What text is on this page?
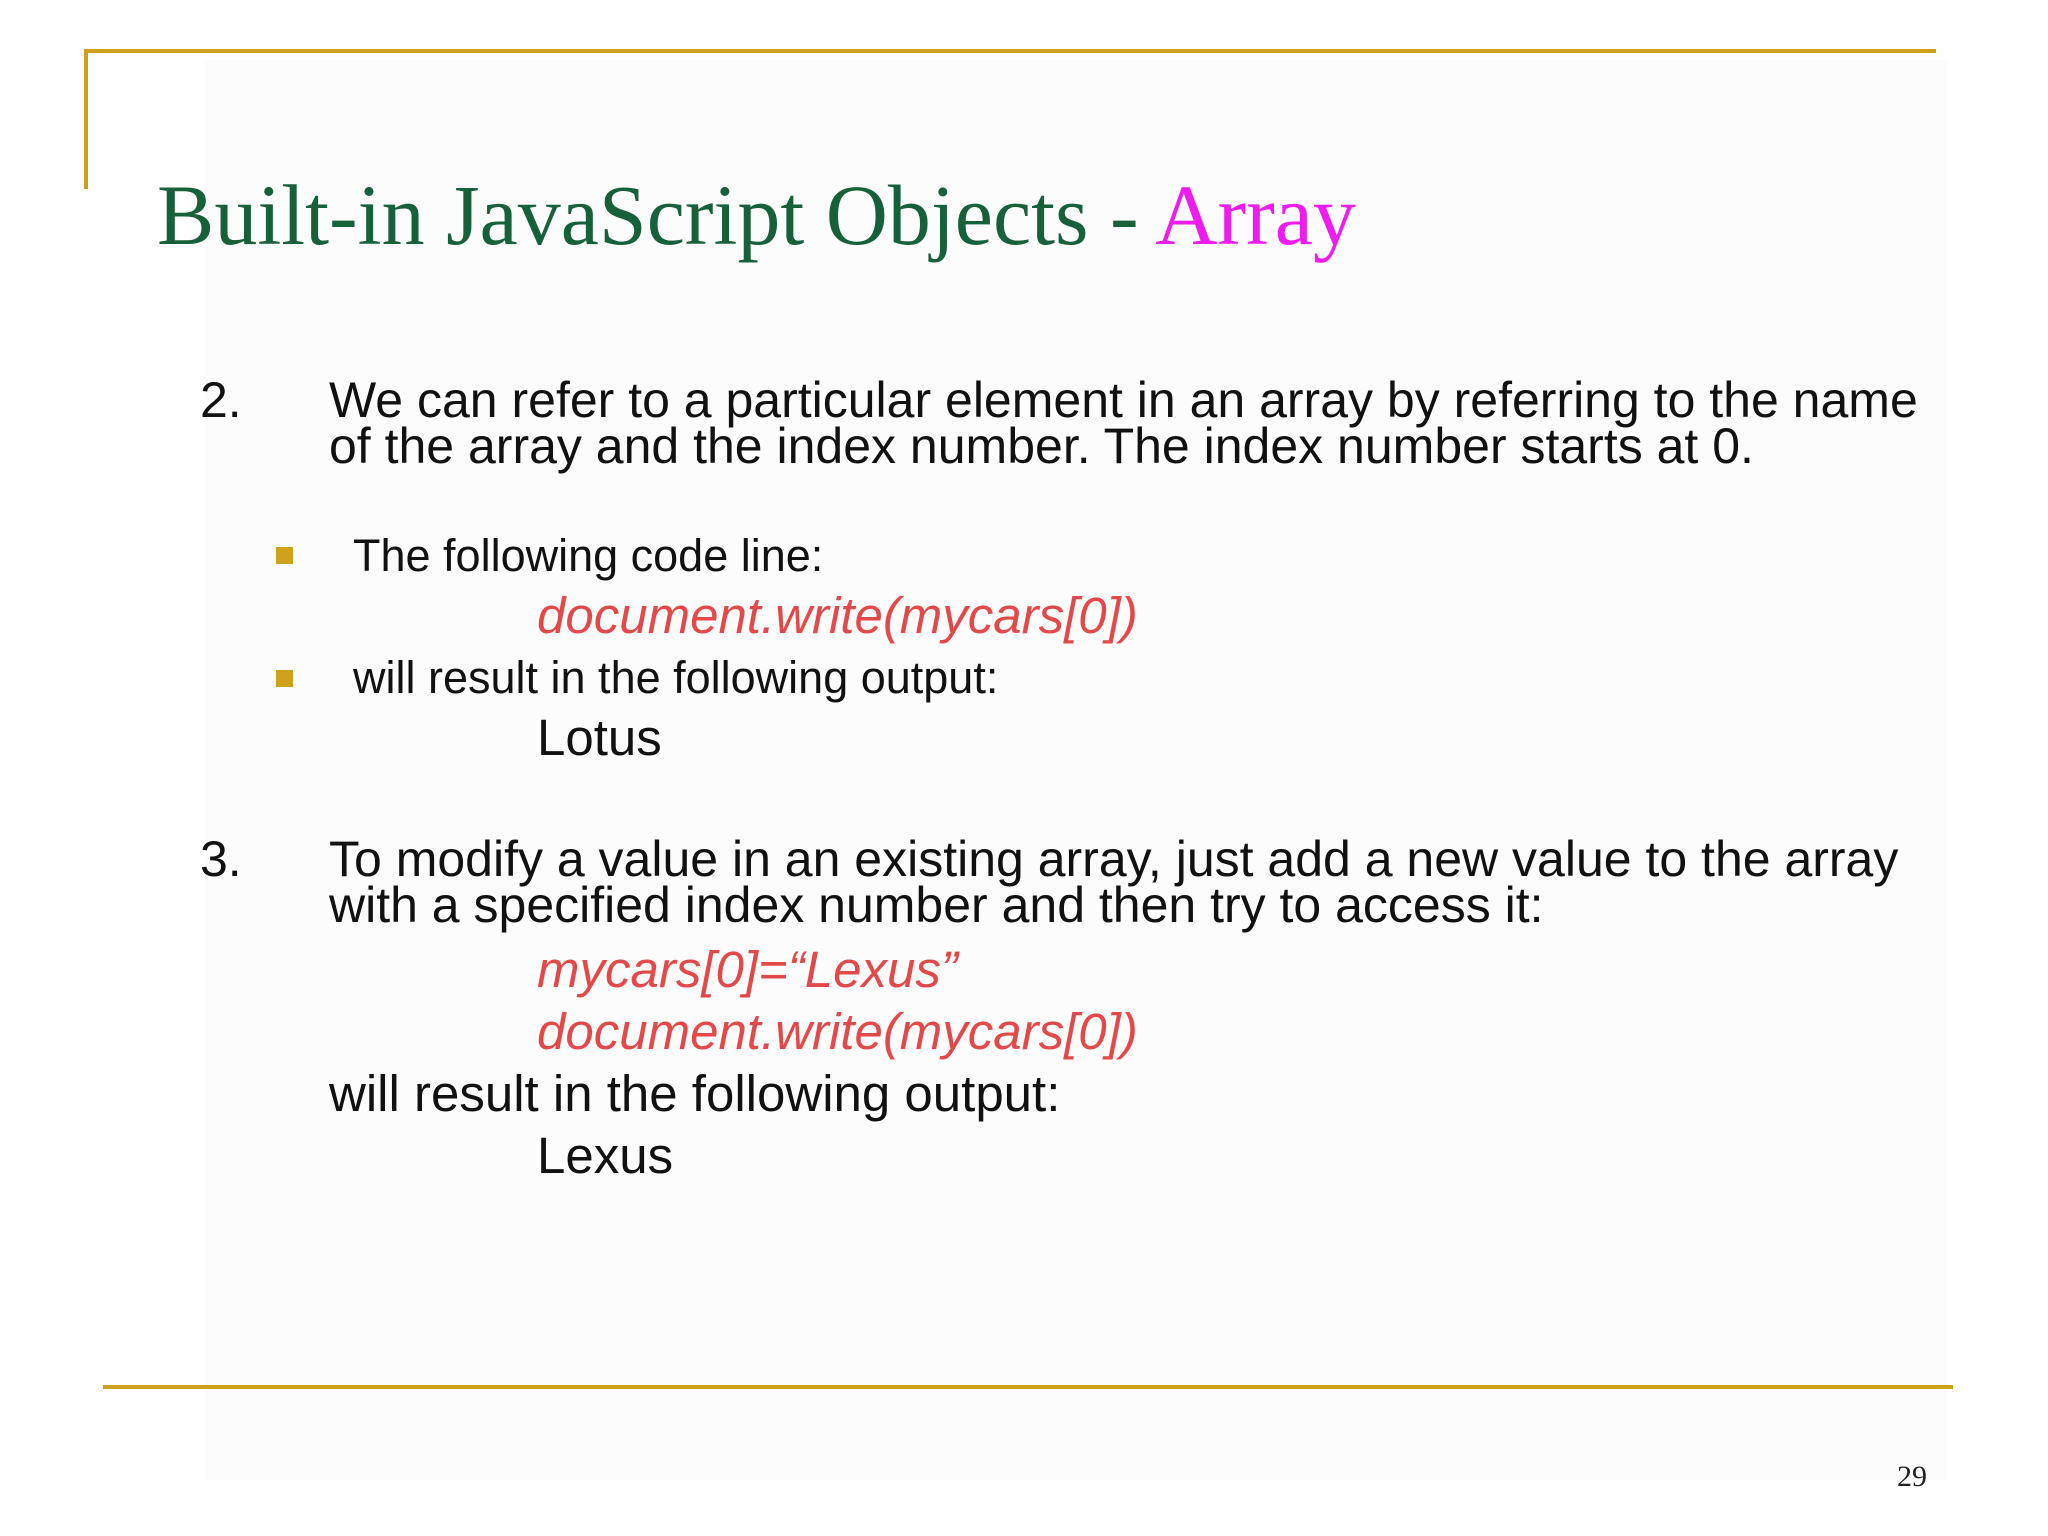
Built-in JavaScript Objects - Array
2. We can refer to a particular element in an array by referring to the name of the array and the index number. The index number starts at 0.
The following code line:
document.write(mycars[0])
will result in the following output:
Lotus
3. To modify a value in an existing array, just add a new value to the array with a specified index number and then try to access it:
mycars[0]=“Lexus”
document.write(mycars[0])
will result in the following output:
Lexus
29
